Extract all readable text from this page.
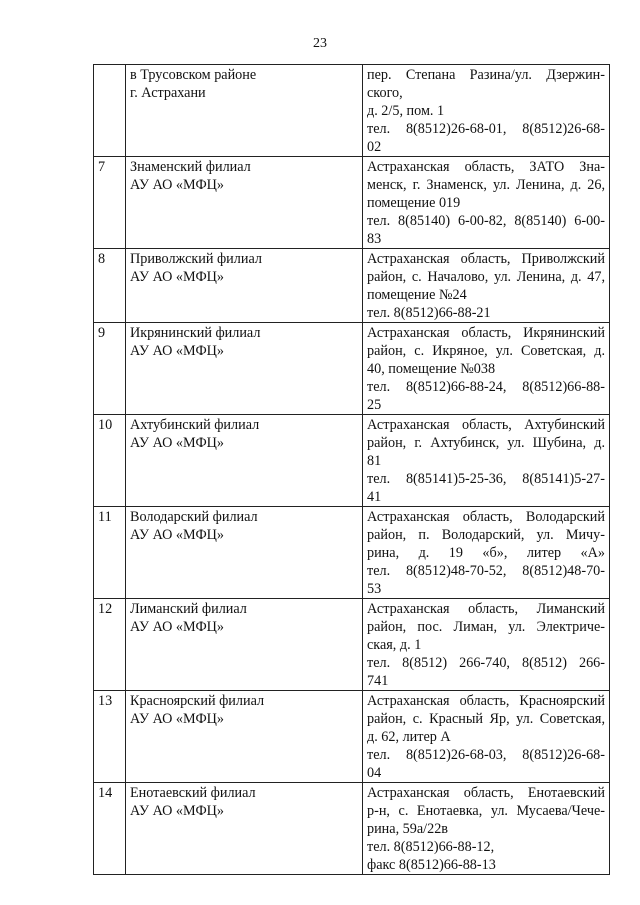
23

	в Трусовском районе
г. Астрахани	пер. Степана Разина/ул. Дзержин-
ского,
д. 2/5, пом. 1
тел. 8(8512)26-68-01, 8(8512)26-68-
02

7	Знаменский филиал
АУ АО «МФЦ»	Астраханская область, ЗАТО Зна-
менск, г. Знаменск, ул. Ленина, д. 26,
помещение 019
тел. 8(85140) 6-00-82, 8(85140) 6-00-
83

8	Приволжский филиал
АУ АО «МФЦ»	Астраханская область, Приволжский
район, с. Началово, ул. Ленина, д. 47,
помещение №24
тел. 8(8512)66-88-21

9	Икрянинский филиал
АУ АО «МФЦ»	Астраханская область, Икрянинский
район, с. Икряное, ул. Советская, д.
40, помещение №038
тел. 8(8512)66-88-24, 8(8512)66-88-
25

10	Ахтубинский филиал
АУ АО «МФЦ»	Астраханская область, Ахтубинский
район, г. Ахтубинск, ул. Шубина, д.
81
тел. 8(85141)5-25-36, 8(85141)5-27-
41

11	Володарский филиал
АУ АО «МФЦ»	Астраханская область, Володарский
район, п. Володарский, ул. Мичу-
рина, д. 19 «б», литер «А»
тел. 8(8512)48-70-52, 8(8512)48-70-
53

12	Лиманский филиал
АУ АО «МФЦ»	Астраханская область, Лиманский
район, пос. Лиман, ул. Электриче-
ская, д. 1
тел. 8(8512) 266-740, 8(8512) 266-
741

13	Красноярский филиал
АУ АО «МФЦ»	Астраханская область, Красноярский
район, с. Красный Яр, ул. Советская,
д. 62, литер А
тел. 8(8512)26-68-03, 8(8512)26-68-
04

14	Енотаевский филиал
АУ АО «МФЦ»	Астраханская область, Енотаевский
р-н, с. Енотаевка, ул. Мусаева/Чече-
рина, 59а/22в
тел. 8(8512)66-88-12,
факс 8(8512)66-88-13
